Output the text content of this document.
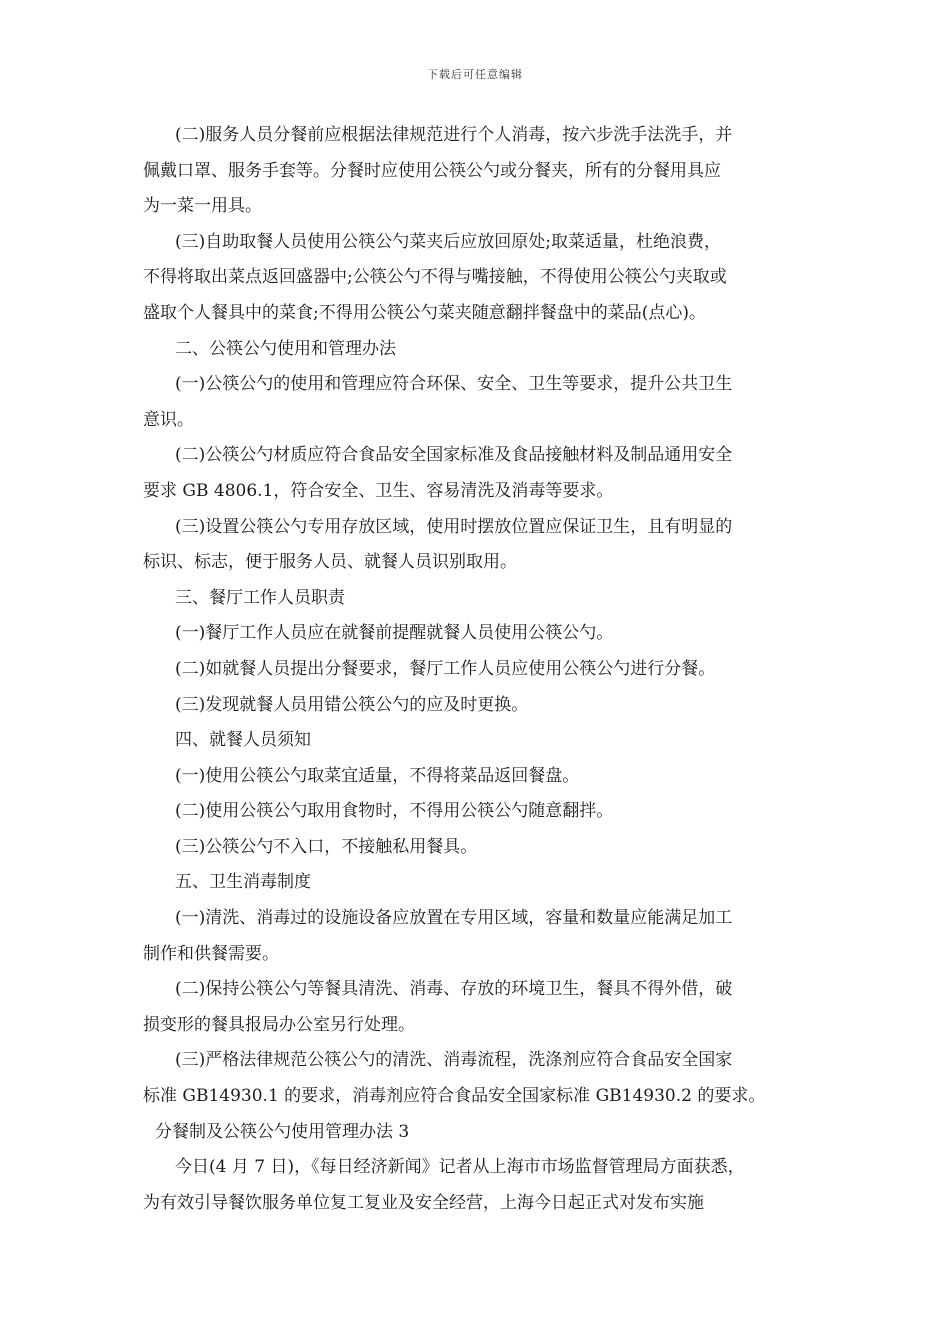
下载后可任意编辑
(二)服务人员分餐前应根据法律规范进行个人消毒，按六步洗手法洗手，并
佩戴口罩、服务手套等。分餐时应使用公筷公勺或分餐夹，所有的分餐用具应
为一菜一用具。
(三)自助取餐人员使用公筷公勺菜夹后应放回原处;取菜适量，杜绝浪费，
不得将取出菜点返回盛器中;公筷公勺不得与嘴接触，不得使用公筷公勺夹取或
盛取个人餐具中的菜食;不得用公筷公勺菜夹随意翻拌餐盘中的菜品(点心)。
二、公筷公勺使用和管理办法
(一)公筷公勺的使用和管理应符合环保、安全、卫生等要求，提升公共卫生
意识。
(二)公筷公勺材质应符合食品安全国家标准及食品接触材料及制品通用安全
要求 GB 4806.1，符合安全、卫生、容易清洗及消毒等要求。
(三)设置公筷公勺专用存放区域，使用时摆放位置应保证卫生，且有明显的
标识、标志，便于服务人员、就餐人员识别取用。
三、餐厅工作人员职责
(一)餐厅工作人员应在就餐前提醒就餐人员使用公筷公勺。
(二)如就餐人员提出分餐要求，餐厅工作人员应使用公筷公勺进行分餐。
(三)发现就餐人员用错公筷公勺的应及时更换。
四、就餐人员须知
(一)使用公筷公勺取菜宜适量，不得将菜品返回餐盘。
(二)使用公筷公勺取用食物时，不得用公筷公勺随意翻拌。
(三)公筷公勺不入口，不接触私用餐具。
五、卫生消毒制度
(一)清洗、消毒过的设施设备应放置在专用区域，容量和数量应能满足加工
制作和供餐需要。
(二)保持公筷公勺等餐具清洗、消毒、存放的环境卫生，餐具不得外借，破
损变形的餐具报局办公室另行处理。
(三)严格法律规范公筷公勺的清洗、消毒流程，洗涤剂应符合食品安全国家
标准 GB14930.1 的要求，消毒剂应符合食品安全国家标准 GB14930.2 的要求。
分餐制及公筷公勺使用管理办法 3
今日(4 月 7 日)，《每日经济新闻》记者从上海市市场监督管理局方面获悉，
为有效引导餐饮服务单位复工复业及安全经营，上海今日起正式对发布实施
